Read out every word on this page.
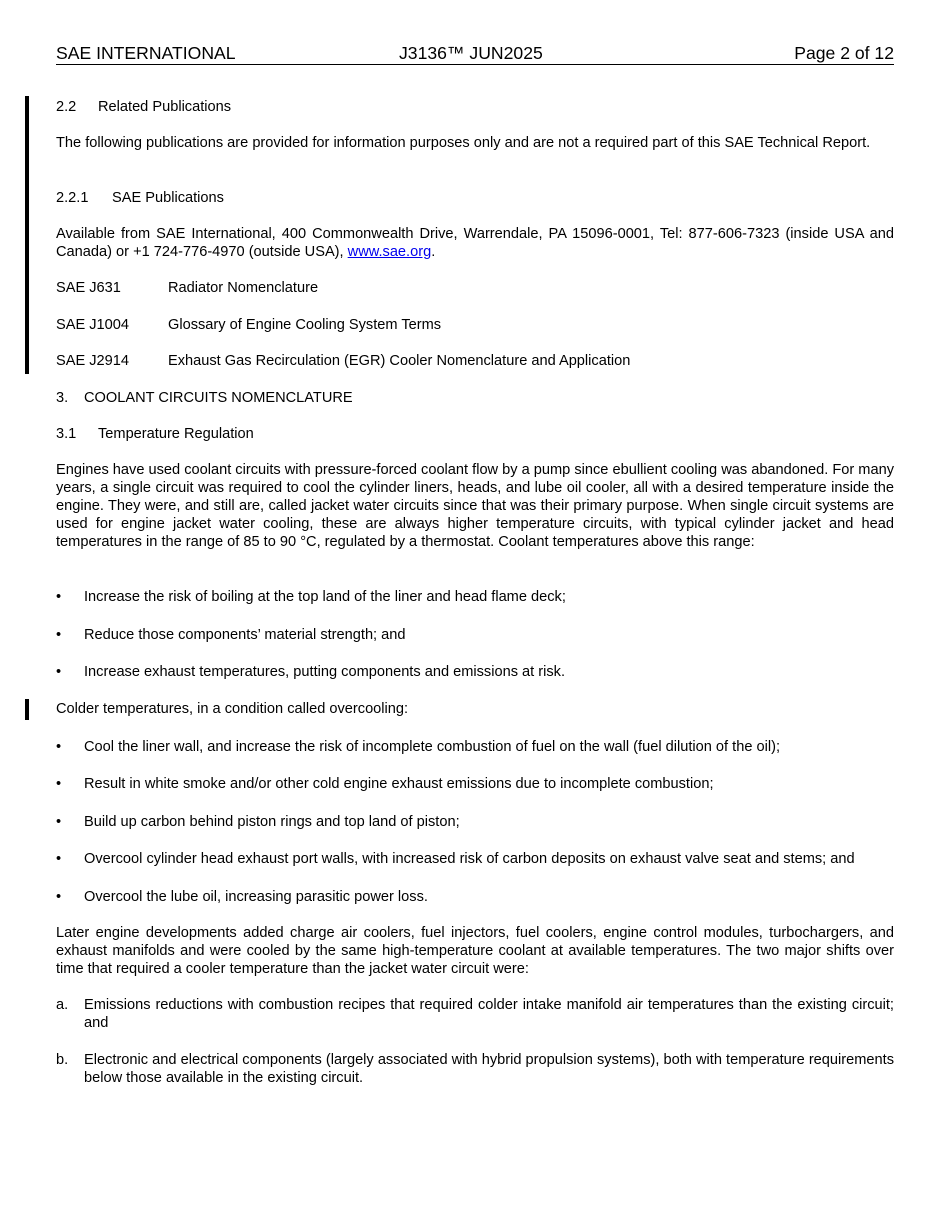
SAE INTERNATIONAL	J3136™ JUN2025	Page 2 of 12
2.2 Related Publications
The following publications are provided for information purposes only and are not a required part of this SAE Technical Report.
2.2.1 SAE Publications
Available from SAE International, 400 Commonwealth Drive, Warrendale, PA 15096-0001, Tel: 877-606-7323 (inside USA and Canada) or +1 724-776-4970 (outside USA), www.sae.org.
SAE J631	Radiator Nomenclature
SAE J1004	Glossary of Engine Cooling System Terms
SAE J2914	Exhaust Gas Recirculation (EGR) Cooler Nomenclature and Application
3. COOLANT CIRCUITS NOMENCLATURE
3.1 Temperature Regulation
Engines have used coolant circuits with pressure-forced coolant flow by a pump since ebullient cooling was abandoned. For many years, a single circuit was required to cool the cylinder liners, heads, and lube oil cooler, all with a desired temperature inside the engine. They were, and still are, called jacket water circuits since that was their primary purpose. When single circuit systems are used for engine jacket water cooling, these are always higher temperature circuits, with typical cylinder jacket and head temperatures in the range of 85 to 90 °C, regulated by a thermostat. Coolant temperatures above this range:
• Increase the risk of boiling at the top land of the liner and head flame deck;
• Reduce those components’ material strength; and
• Increase exhaust temperatures, putting components and emissions at risk.
Colder temperatures, in a condition called overcooling:
• Cool the liner wall, and increase the risk of incomplete combustion of fuel on the wall (fuel dilution of the oil);
• Result in white smoke and/or other cold engine exhaust emissions due to incomplete combustion;
• Build up carbon behind piston rings and top land of piston;
• Overcool cylinder head exhaust port walls, with increased risk of carbon deposits on exhaust valve seat and stems; and
• Overcool the lube oil, increasing parasitic power loss.
Later engine developments added charge air coolers, fuel injectors, fuel coolers, engine control modules, turbochargers, and exhaust manifolds and were cooled by the same high-temperature coolant at available temperatures. The two major shifts over time that required a cooler temperature than the jacket water circuit were:
a. Emissions reductions with combustion recipes that required colder intake manifold air temperatures than the existing circuit; and
b. Electronic and electrical components (largely associated with hybrid propulsion systems), both with temperature requirements below those available in the existing circuit.
